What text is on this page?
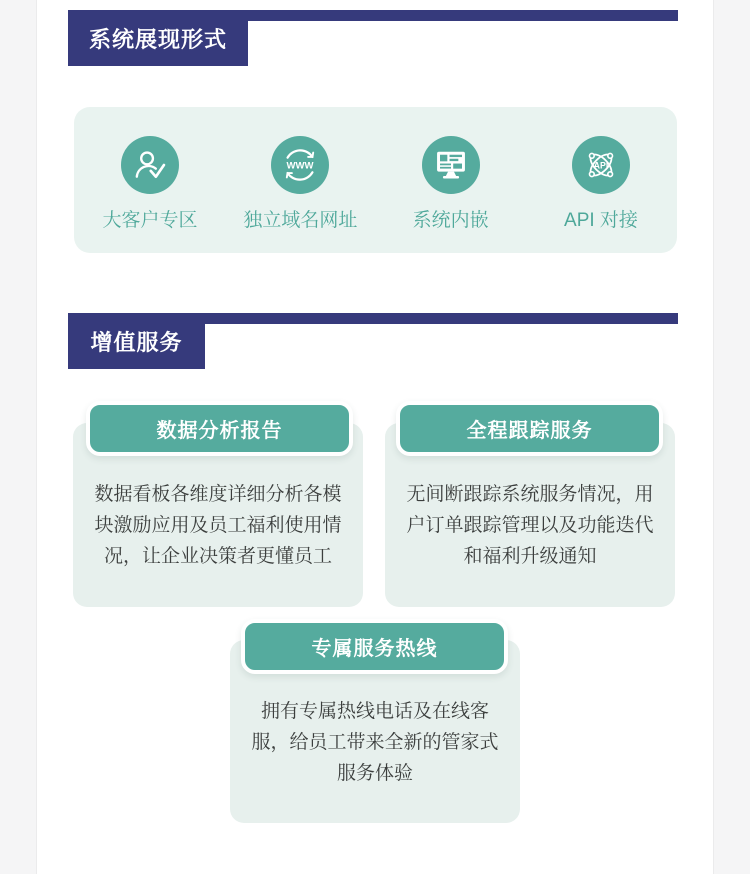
系统展现形式
大客户专区
WWW
独立域名网址	系统内嵌
API
API 对接
增值服务
数据看板各维度详细分析各模块激励应用及员工福利使用情况，让企业决策者更懂员工
数据分析报告
无间断跟踪系统服务情况，用户订单跟踪管理以及功能迭代和福利升级通知
全程跟踪服务
拥有专属热线电话及在线客服，给员工带来全新的管家式服务体验
专属服务热线
